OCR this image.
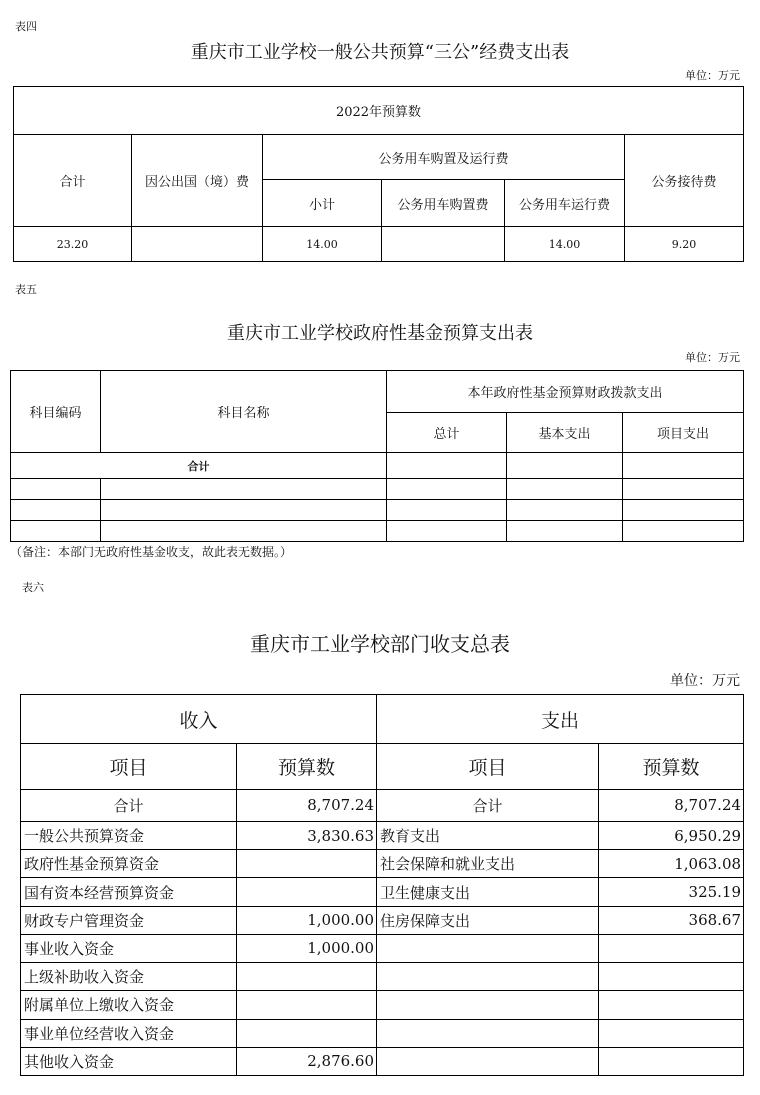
表四
重庆市工业学校一般公共预算“三公”经费支出表
单位：万元
2022年预算数					
合计	因公出国（境）费	公务用车购置及运行费			公务接待费
		小计	公务用车购置费	公务用车运行费	
23.20		14.00		14.00	9.20
表五
重庆市工业学校政府性基金预算支出表
单位：万元
科目编码	科目名称	本年政府性基金预算财政拨款支出		
		总计	基本支出	项目支出
合计				

（备注：本部门无政府性基金收支，故此表无数据。）
表六
重庆市工业学校部门收支总表
单位：万元
收入		支出	
项目	预算数	项目	预算数
合计	8,707.24	合计	8,707.24
一般公共预算资金	3,830.63	教育支出	6,950.29
政府性基金预算资金		社会保障和就业支出	1,063.08
国有资本经营预算资金		卫生健康支出	325.19
财政专户管理资金	1,000.00	住房保障支出	368.67
事业收入资金	1,000.00		
上级补助收入资金			
附属单位上缴收入资金			
事业单位经营收入资金			
其他收入资金	2,876.60		
